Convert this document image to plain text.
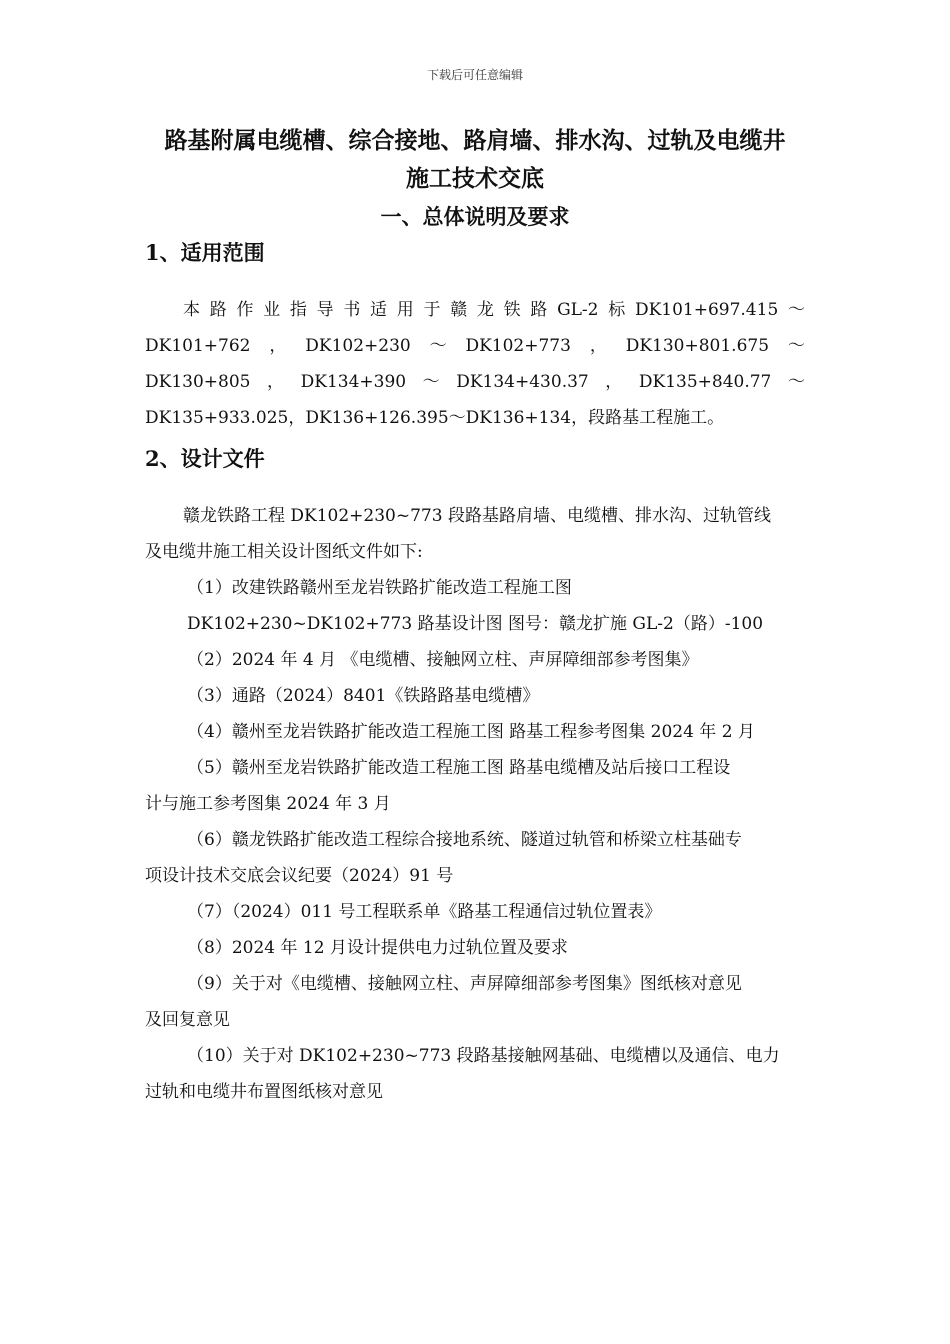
下载后可任意编辑
路基附属电缆槽、综合接地、路肩墙、排水沟、过轨及电缆井
施工技术交底
一、总体说明及要求
1、适用范围
本 路 作 业 指 导 书 适 用 于 赣 龙 铁 路 GL-2 标 DK101+697.415 ～
DK101+762 ， DK102+230 ～ DK102+773 ， DK130+801.675 ～
DK130+805 ， DK134+390 ～ DK134+430.37 ， DK135+840.77 ～
DK135+933.025，DK136+126.395～DK136+134，段路基工程施工。
2、设计文件
赣龙铁路工程 DK102+230~773 段路基路肩墙、电缆槽、排水沟、过轨管线
及电缆井施工相关设计图纸文件如下:
（1）改建铁路赣州至龙岩铁路扩能改造工程施工图
DK102+230~DK102+773 路基设计图 图号：赣龙扩施 GL-2（路）-100
（2）2024 年 4 月 《电缆槽、接触网立柱、声屏障细部参考图集》
（3）通路（2024）8401《铁路路基电缆槽》
（4）赣州至龙岩铁路扩能改造工程施工图 路基工程参考图集 2024 年 2 月
（5）赣州至龙岩铁路扩能改造工程施工图 路基电缆槽及站后接口工程设
计与施工参考图集 2024 年 3 月
（6）赣龙铁路扩能改造工程综合接地系统、隧道过轨管和桥梁立柱基础专
项设计技术交底会议纪要（2024）91 号
（7）（2024）011 号工程联系单《路基工程通信过轨位置表》
（8）2024 年 12 月设计提供电力过轨位置及要求
（9）关于对《电缆槽、接触网立柱、声屏障细部参考图集》图纸核对意见
及回复意见
（10）关于对 DK102+230~773 段路基接触网基础、电缆槽以及通信、电力
过轨和电缆井布置图纸核对意见
